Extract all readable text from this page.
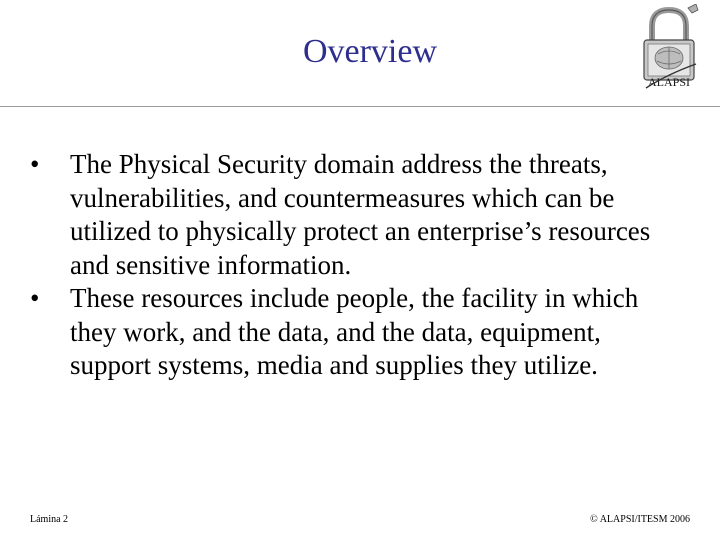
Overview
ALAPSI
•	The Physical Security domain address the threats, vulnerabilities, and countermeasures which can be utilized to physically protect an enterprise’s resources and sensitive information.
•	These resources include people, the facility in which they work, and the data, and the data, equipment, support systems, media and supplies they utilize.
Lámina 2	© ALAPSI/ITESM 2006
